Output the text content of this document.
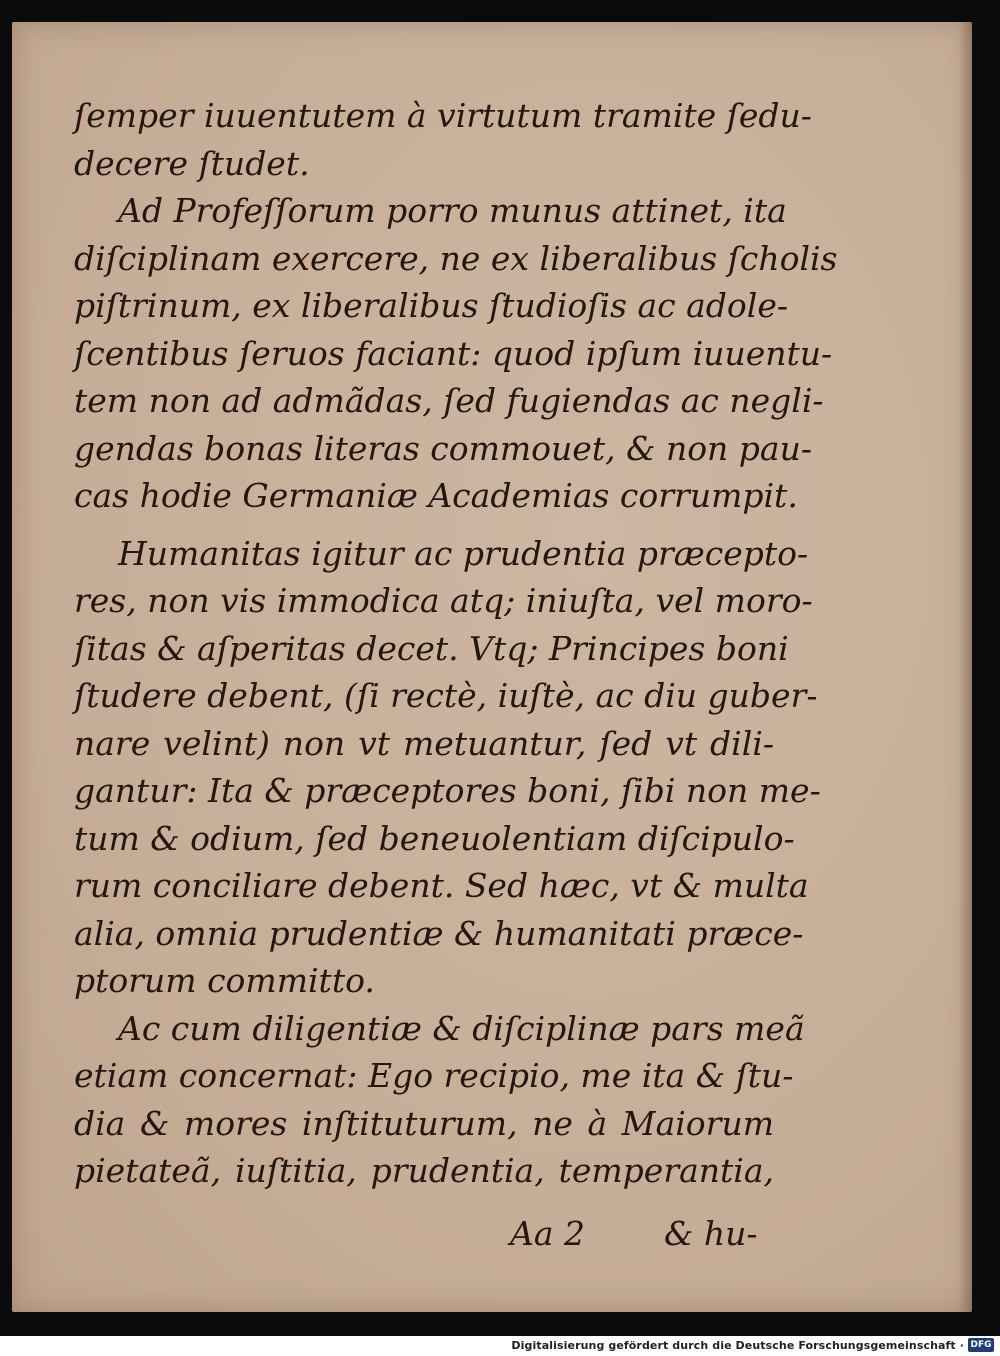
ſemper iuuentutem à virtutum tramite ſedu-
decere ſtudet.
Ad Profeſſorum porro munus attinet, ita
diſciplinam exercere, ne ex liberalibus ſcholis
piſtrinum, ex liberalibus ſtudioſis ac adole-
ſcentibus ſeruos faciant: quod ipſum iuuentu-
tem non ad admãdas, ſed fugiendas ac negli-
gendas bonas literas commouet, & non pau-
cas hodie Germaniæ Academias corrumpit.
Humanitas igitur ac prudentia præcepto-
res, non vis immodica atq; iniuſta, vel moro-
ſitas & aſperitas decet. Vtq; Principes boni
ſtudere debent, (ſi rectè, iuſtè, ac diu guber-
nare velint) non vt metuantur, ſed vt dili-
gantur: Ita & præceptores boni, ſibi non me-
tum & odium, ſed beneuolentiam diſcipulo-
rum conciliare debent. Sed hæc, vt & multa
alia, omnia prudentiæ & humanitati præce-
ptorum committo.
Ac cum diligentiæ & diſciplinæ pars meã
etiam concernat: Ego recipio, me ita & ſtu-
dia & mores inſtituturum, ne à Maiorum
pietateã, iuſtitia, prudentia, temperantia,
Aa 2 & hu-
Digitalisierung gefördert durch die Deutsche Forschungsgemeinschaft · DFG
